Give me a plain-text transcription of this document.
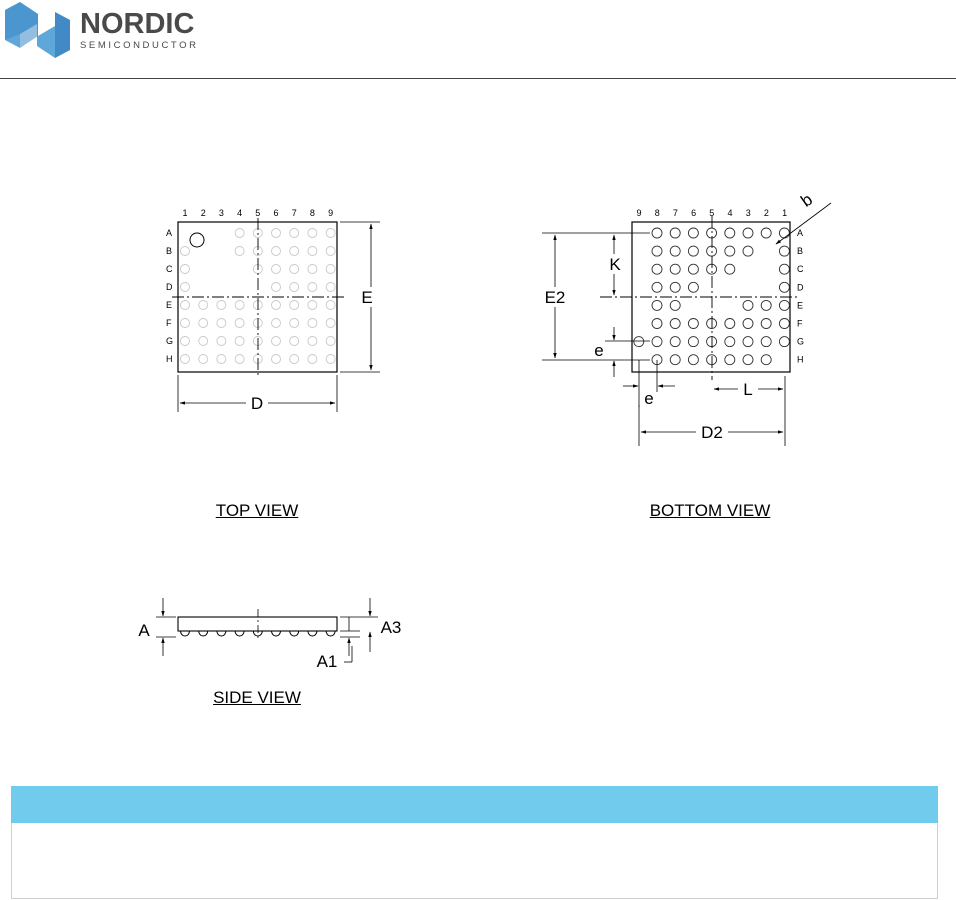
NORDIC
SEMICONDUCTOR
1 2 3 4 5 6 7 8 9
A
B
C
D
E
F
G
H
E
D
9 8 7 6 5 4 3 2 1
A
B
C
D
E
F
G
H
b
E2
K
e
e	L
D2
A	A3
A1
TOP VIEW	BOTTOM VIEW
SIDE VIEW
